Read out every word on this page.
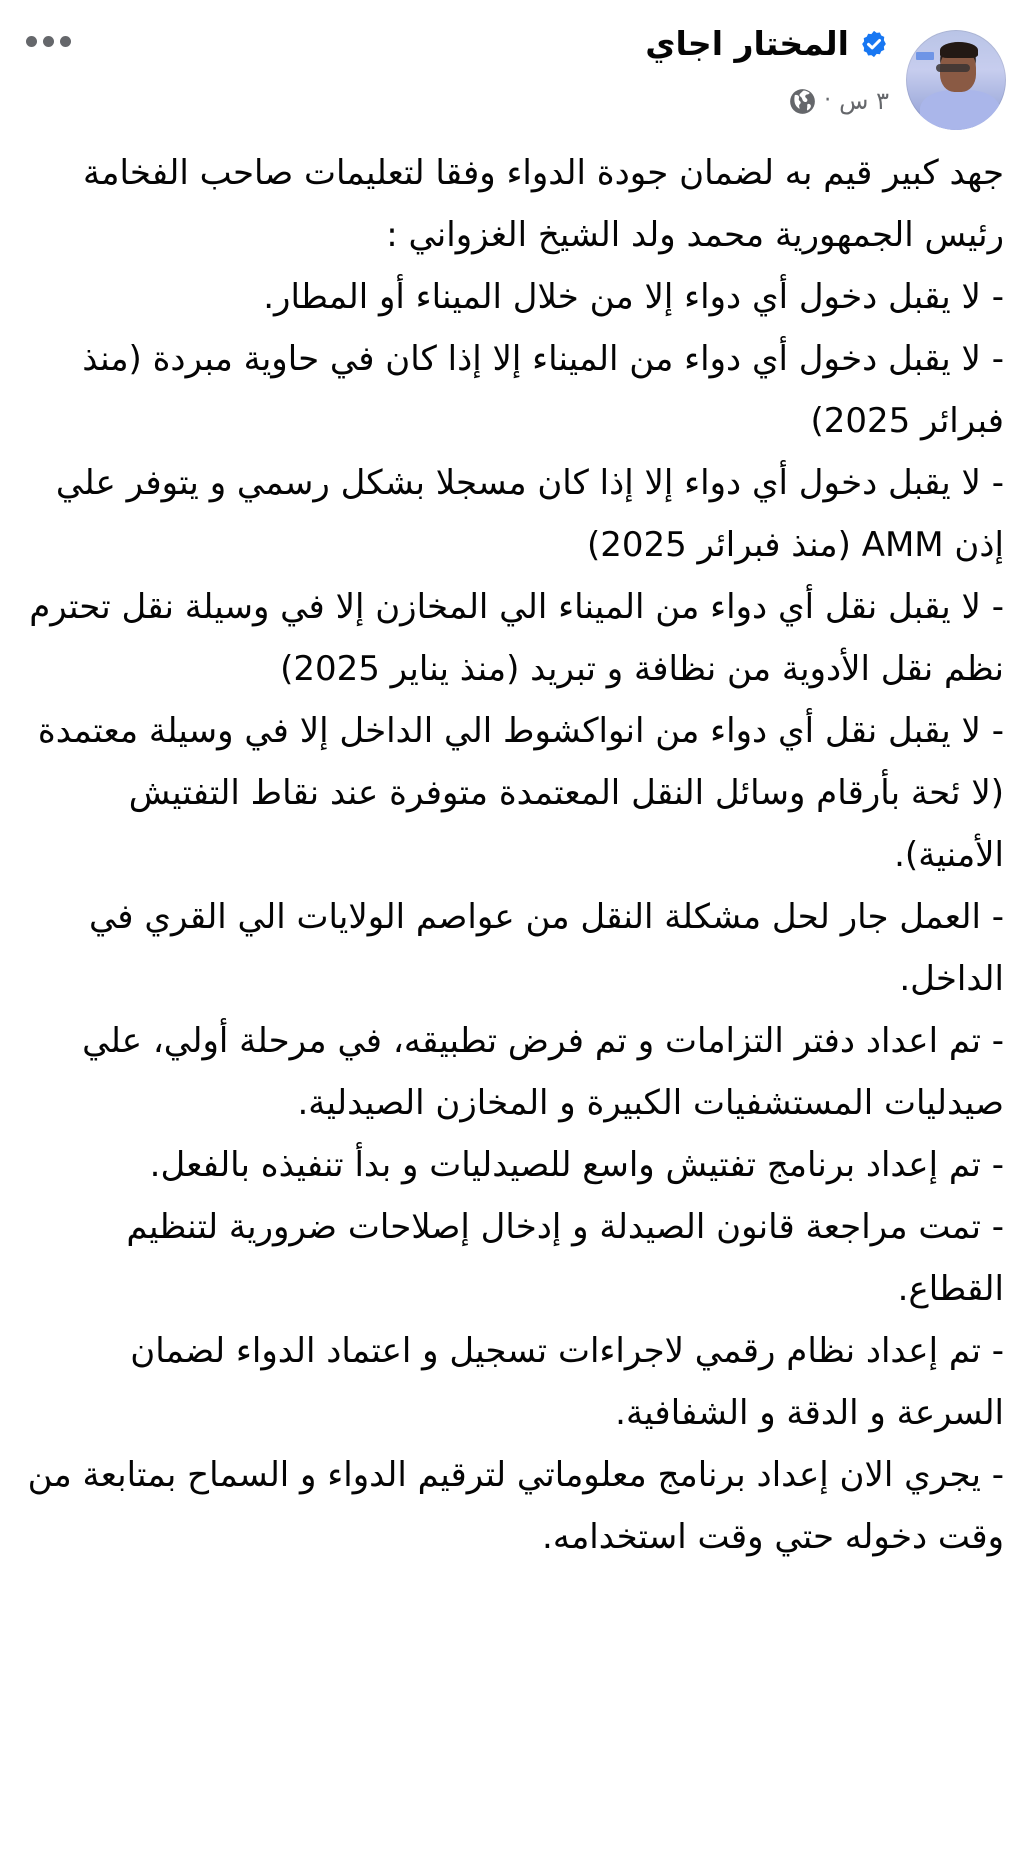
المختار اجاي
٣ س
·

جهد كبير قيم به لضمان جودة الدواء وفقا لتعليمات صاحب الفخامة رئيس الجمهورية محمد ولد الشيخ الغزواني :

- لا يقبل دخول أي دواء إلا من خلال الميناء أو المطار.

- لا يقبل دخول أي دواء من الميناء إلا إذا كان في حاوية مبردة (منذ فبرائر 2025)

- لا يقبل دخول أي دواء إلا إذا كان مسجلا بشكل رسمي و يتوفر علي إذن AMM (منذ فبرائر 2025)

- لا يقبل نقل أي دواء من الميناء الي المخازن إلا في وسيلة نقل تحترم نظم نقل الأدوية من نظافة و تبريد (منذ يناير 2025)

- لا يقبل نقل أي دواء من انواكشوط الي الداخل إلا في وسيلة معتمدة (لا ئحة بأرقام وسائل النقل المعتمدة متوفرة عند نقاط التفتيش الأمنية).

- العمل جار لحل مشكلة النقل من عواصم الولايات الي القري في الداخل.

- تم اعداد دفتر التزامات و تم فرض تطبيقه، في مرحلة أولي، علي صيدليات المستشفيات الكبيرة و المخازن الصيدلية.

- تم إعداد برنامج تفتيش واسع للصيدليات و بدأ تنفيذه بالفعل.

- تمت مراجعة قانون الصيدلة و إدخال إصلاحات ضرورية لتنظيم القطاع.

- تم إعداد نظام رقمي لاجراءات تسجيل و اعتماد الدواء لضمان السرعة و الدقة و الشفافية.

- يجري الان إعداد برنامج معلوماتي لترقيم الدواء و السماح بمتابعة من وقت دخوله حتي وقت استخدامه.
